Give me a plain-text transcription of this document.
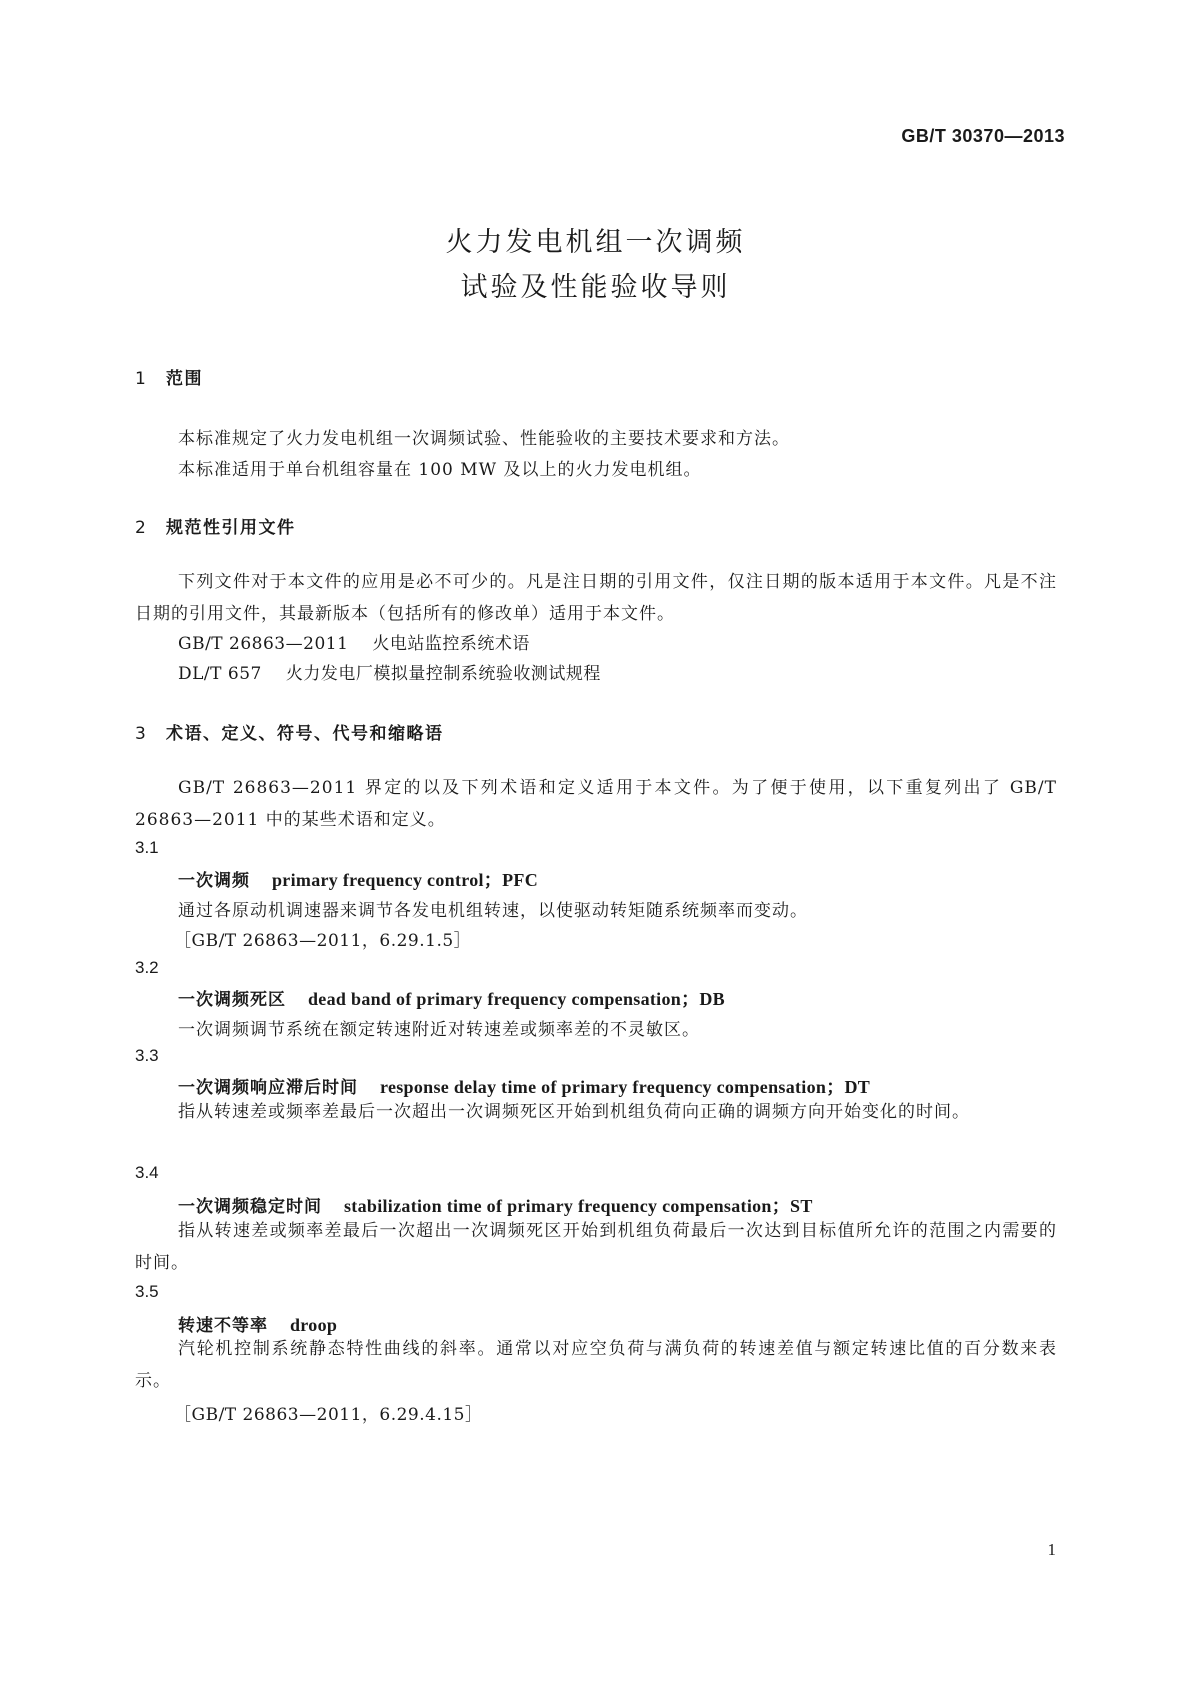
GB/T 30370—2013
火力发电机组一次调频
试验及性能验收导则
1 范围
本标准规定了火力发电机组一次调频试验、性能验收的主要技术要求和方法。
本标准适用于单台机组容量在 100 MW 及以上的火力发电机组。
2 规范性引用文件
下列文件对于本文件的应用是必不可少的。凡是注日期的引用文件，仅注日期的版本适用于本文件。凡是不注日期的引用文件，其最新版本（包括所有的修改单）适用于本文件。
GB/T 26863—2011 火电站监控系统术语
DL/T 657 火力发电厂模拟量控制系统验收测试规程
3 术语、定义、符号、代号和缩略语
GB/T 26863—2011 界定的以及下列术语和定义适用于本文件。为了便于使用，以下重复列出了 GB/T 26863—2011 中的某些术语和定义。
3.1
一次调频 primary frequency control；PFC
通过各原动机调速器来调节各发电机组转速，以使驱动转矩随系统频率而变动。
［GB/T 26863—2011，6.29.1.5］
3.2
一次调频死区 dead band of primary frequency compensation；DB
一次调频调节系统在额定转速附近对转速差或频率差的不灵敏区。
3.3
一次调频响应滞后时间 response delay time of primary frequency compensation；DT
指从转速差或频率差最后一次超出一次调频死区开始到机组负荷向正确的调频方向开始变化的时间。
3.4
一次调频稳定时间 stabilization time of primary frequency compensation；ST
指从转速差或频率差最后一次超出一次调频死区开始到机组负荷最后一次达到目标值所允许的范围之内需要的时间。
3.5
转速不等率 droop
汽轮机控制系统静态特性曲线的斜率。通常以对应空负荷与满负荷的转速差值与额定转速比值的百分数来表示。
［GB/T 26863—2011，6.29.4.15］
1
